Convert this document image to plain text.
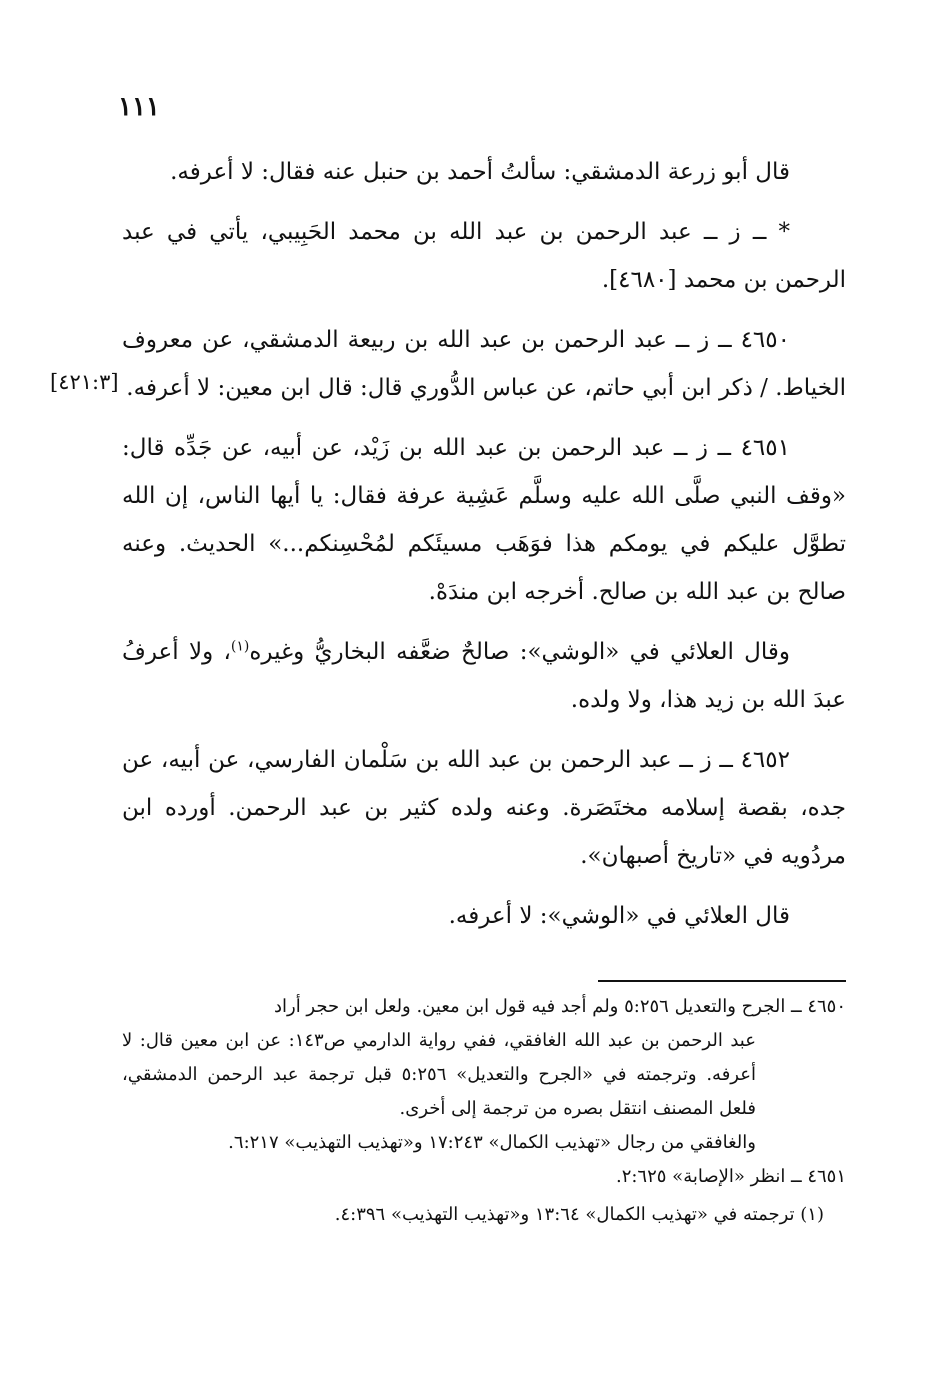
١١١
[٤٢١:٣]

قال أبو زرعة الدمشقي: سألتُ أحمد بن حنبل عنه فقال: لا أعرفه.

* ــ ز ــ عبد الرحمن بن عبد الله بن محمد الحَبِيبي، يأتي في عبد الرحمن بن محمد [٤٦٨٠].

٤٦٥٠ ــ ز ــ عبد الرحمن بن عبد الله بن ربيعة الدمشقي، عن معروف الخياط. / ذكر ابن أبي حاتم، عن عباس الدُّوري قال: قال ابن معين: لا أعرفه.

٤٦٥١ ــ ز ــ عبد الرحمن بن عبد الله بن زَيْد، عن أبيه، عن جَدِّه قال: «وقف النبي صلَّى الله عليه وسلَّم عَشِية عرفة فقال: يا أيها الناس، إن الله تطوَّل عليكم في يومكم هذا فوَهَب مسيئَكم لمُحْسِنكم...» الحديث. وعنه صالح بن عبد الله بن صالح. أخرجه ابن مندَهْ.

وقال العلائي في «الوشي»: صالحٌ ضعَّفه البخاريُّ وغيره$^{(١)}$، ولا أعرفُ عبدَ الله بن زيد هذا، ولا ولده.

٤٦٥٢ ــ ز ــ عبد الرحمن بن عبد الله بن سَلْمان الفارسي، عن أبيه، عن جده، بقصة إسلامه مختَصَرة. وعنه ولده كثير بن عبد الرحمن. أورده ابن مردُويه في «تاريخ أصبهان».

قال العلائي في «الوشي»: لا أعرفه.

٤٦٥٠ ــ الجرح والتعديل ٥:٢٥٦ ولم أجد فيه قول ابن معين. ولعل ابن حجر أراد

عبد الرحمن بن عبد الله الغافقي، ففي رواية الدارمي ص١٤٣: عن ابن معين قال: لا أعرفه. وترجمته في «الجرح والتعديل» ٥:٢٥٦ قبل ترجمة عبد الرحمن الدمشقي، فلعل المصنف انتقل بصره من ترجمة إلى أخرى.

والغافقي من رجال «تهذيب الكمال» ١٧:٢٤٣ و«تهذيب التهذيب» ٦:٢١٧.

٤٦٥١ ــ انظر «الإصابة» ٢:٦٢٥.

(١) ترجمته في «تهذيب الكمال» ١٣:٦٤ و«تهذيب التهذيب» ٤:٣٩٦.
